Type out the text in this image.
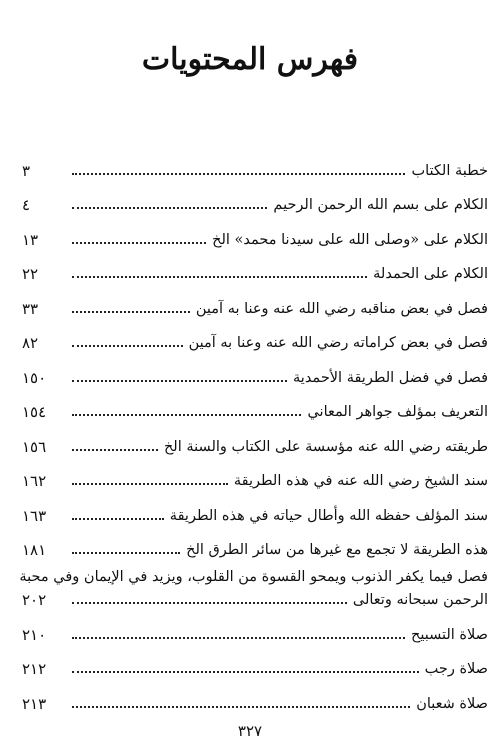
فهرس المحتويات
خطبة الكتاب
٣
الكلام على بسم الله الرحمن الرحيم
٤
الكلام على «وصلى الله على سيدنا محمد» الخ
١٣
الكلام على الحمدلة
٢٢
فصل في بعض مناقبه رضي الله عنه وعنا به آمين
٣٣
فصل في بعض كراماته رضي الله عنه وعنا به آمين
٨٢
فصل في فضل الطريقة الأحمدية
١٥٠
التعريف بمؤلف جواهر المعاني
١٥٤
طريقته رضي الله عنه مؤسسة على الكتاب والسنة الخ
١٥٦
سند الشيخ رضي الله عنه في هذه الطريقة
١٦٢
سند المؤلف حفظه الله وأطال حياته في هذه الطريقة
١٦٣
هذه الطريقة لا تجمع مع غيرها من سائر الطرق الخ
١٨١
فصل فيما يكفر الذنوب ويمحو القسوة من القلوب، ويزيد في الإيمان وفي محبة
الرحمن سبحانه وتعالى
٢٠٢
صلاة التسبيح
٢١٠
صلاة رجب
٢١٢
صلاة شعبان
٢١٣
٣٢٧
